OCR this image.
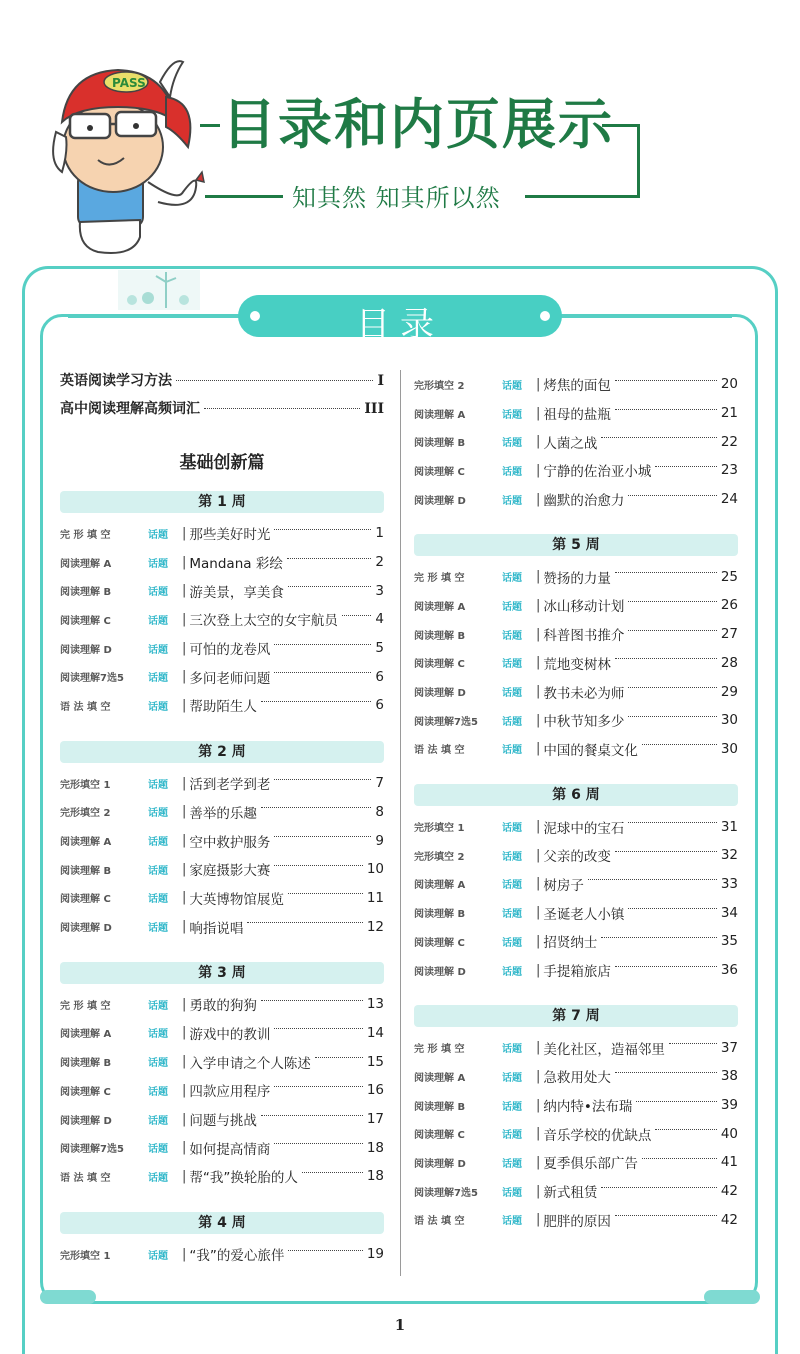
PASS
目录和内页展示
知其然 知其所以然
目录
英语阅读学习方法	I
高中阅读理解高频词汇	III
基础创新篇
第 1 周
完 形 填 空	话题	| 那些美好时光	1
阅读理解 A	话题	| Mandana 彩绘	2
阅读理解 B	话题	| 游美景，享美食	3
阅读理解 C	话题	| 三次登上太空的女宇航员	4
阅读理解 D	话题	| 可怕的龙卷风	5
阅读理解7选5	话题	| 多问老师问题	6
语 法 填 空	话题	| 帮助陌生人	6
第 2 周
完形填空 1	话题	| 活到老学到老	7
完形填空 2	话题	| 善举的乐趣	8
阅读理解 A	话题	| 空中救护服务	9
阅读理解 B	话题	| 家庭摄影大赛	10
阅读理解 C	话题	| 大英博物馆展览	11
阅读理解 D	话题	| 响指说唱	12
第 3 周
完 形 填 空	话题	| 勇敢的狗狗	13
阅读理解 A	话题	| 游戏中的教训	14
阅读理解 B	话题	| 入学申请之个人陈述	15
阅读理解 C	话题	| 四款应用程序	16
阅读理解 D	话题	| 问题与挑战	17
阅读理解7选5	话题	| 如何提高情商	18
语 法 填 空	话题	| 帮“我”换轮胎的人	18
第 4 周
完形填空 1	话题	| “我”的爱心旅伴	19
完形填空 2	话题	| 烤焦的面包	20
阅读理解 A	话题	| 祖母的盐瓶	21
阅读理解 B	话题	| 人菌之战	22
阅读理解 C	话题	| 宁静的佐治亚小城	23
阅读理解 D	话题	| 幽默的治愈力	24
第 5 周
完 形 填 空	话题	| 赞扬的力量	25
阅读理解 A	话题	| 冰山移动计划	26
阅读理解 B	话题	| 科普图书推介	27
阅读理解 C	话题	| 荒地变树林	28
阅读理解 D	话题	| 教书未必为师	29
阅读理解7选5	话题	| 中秋节知多少	30
语 法 填 空	话题	| 中国的餐桌文化	30
第 6 周
完形填空 1	话题	| 泥球中的宝石	31
完形填空 2	话题	| 父亲的改变	32
阅读理解 A	话题	| 树房子	33
阅读理解 B	话题	| 圣诞老人小镇	34
阅读理解 C	话题	| 招贤纳士	35
阅读理解 D	话题	| 手提箱旅店	36
第 7 周
完 形 填 空	话题	| 美化社区，造福邻里	37
阅读理解 A	话题	| 急救用处大	38
阅读理解 B	话题	| 纳内特•法布瑞	39
阅读理解 C	话题	| 音乐学校的优缺点	40
阅读理解 D	话题	| 夏季俱乐部广告	41
阅读理解7选5	话题	| 新式租赁	42
语 法 填 空	话题	| 肥胖的原因	42
1
